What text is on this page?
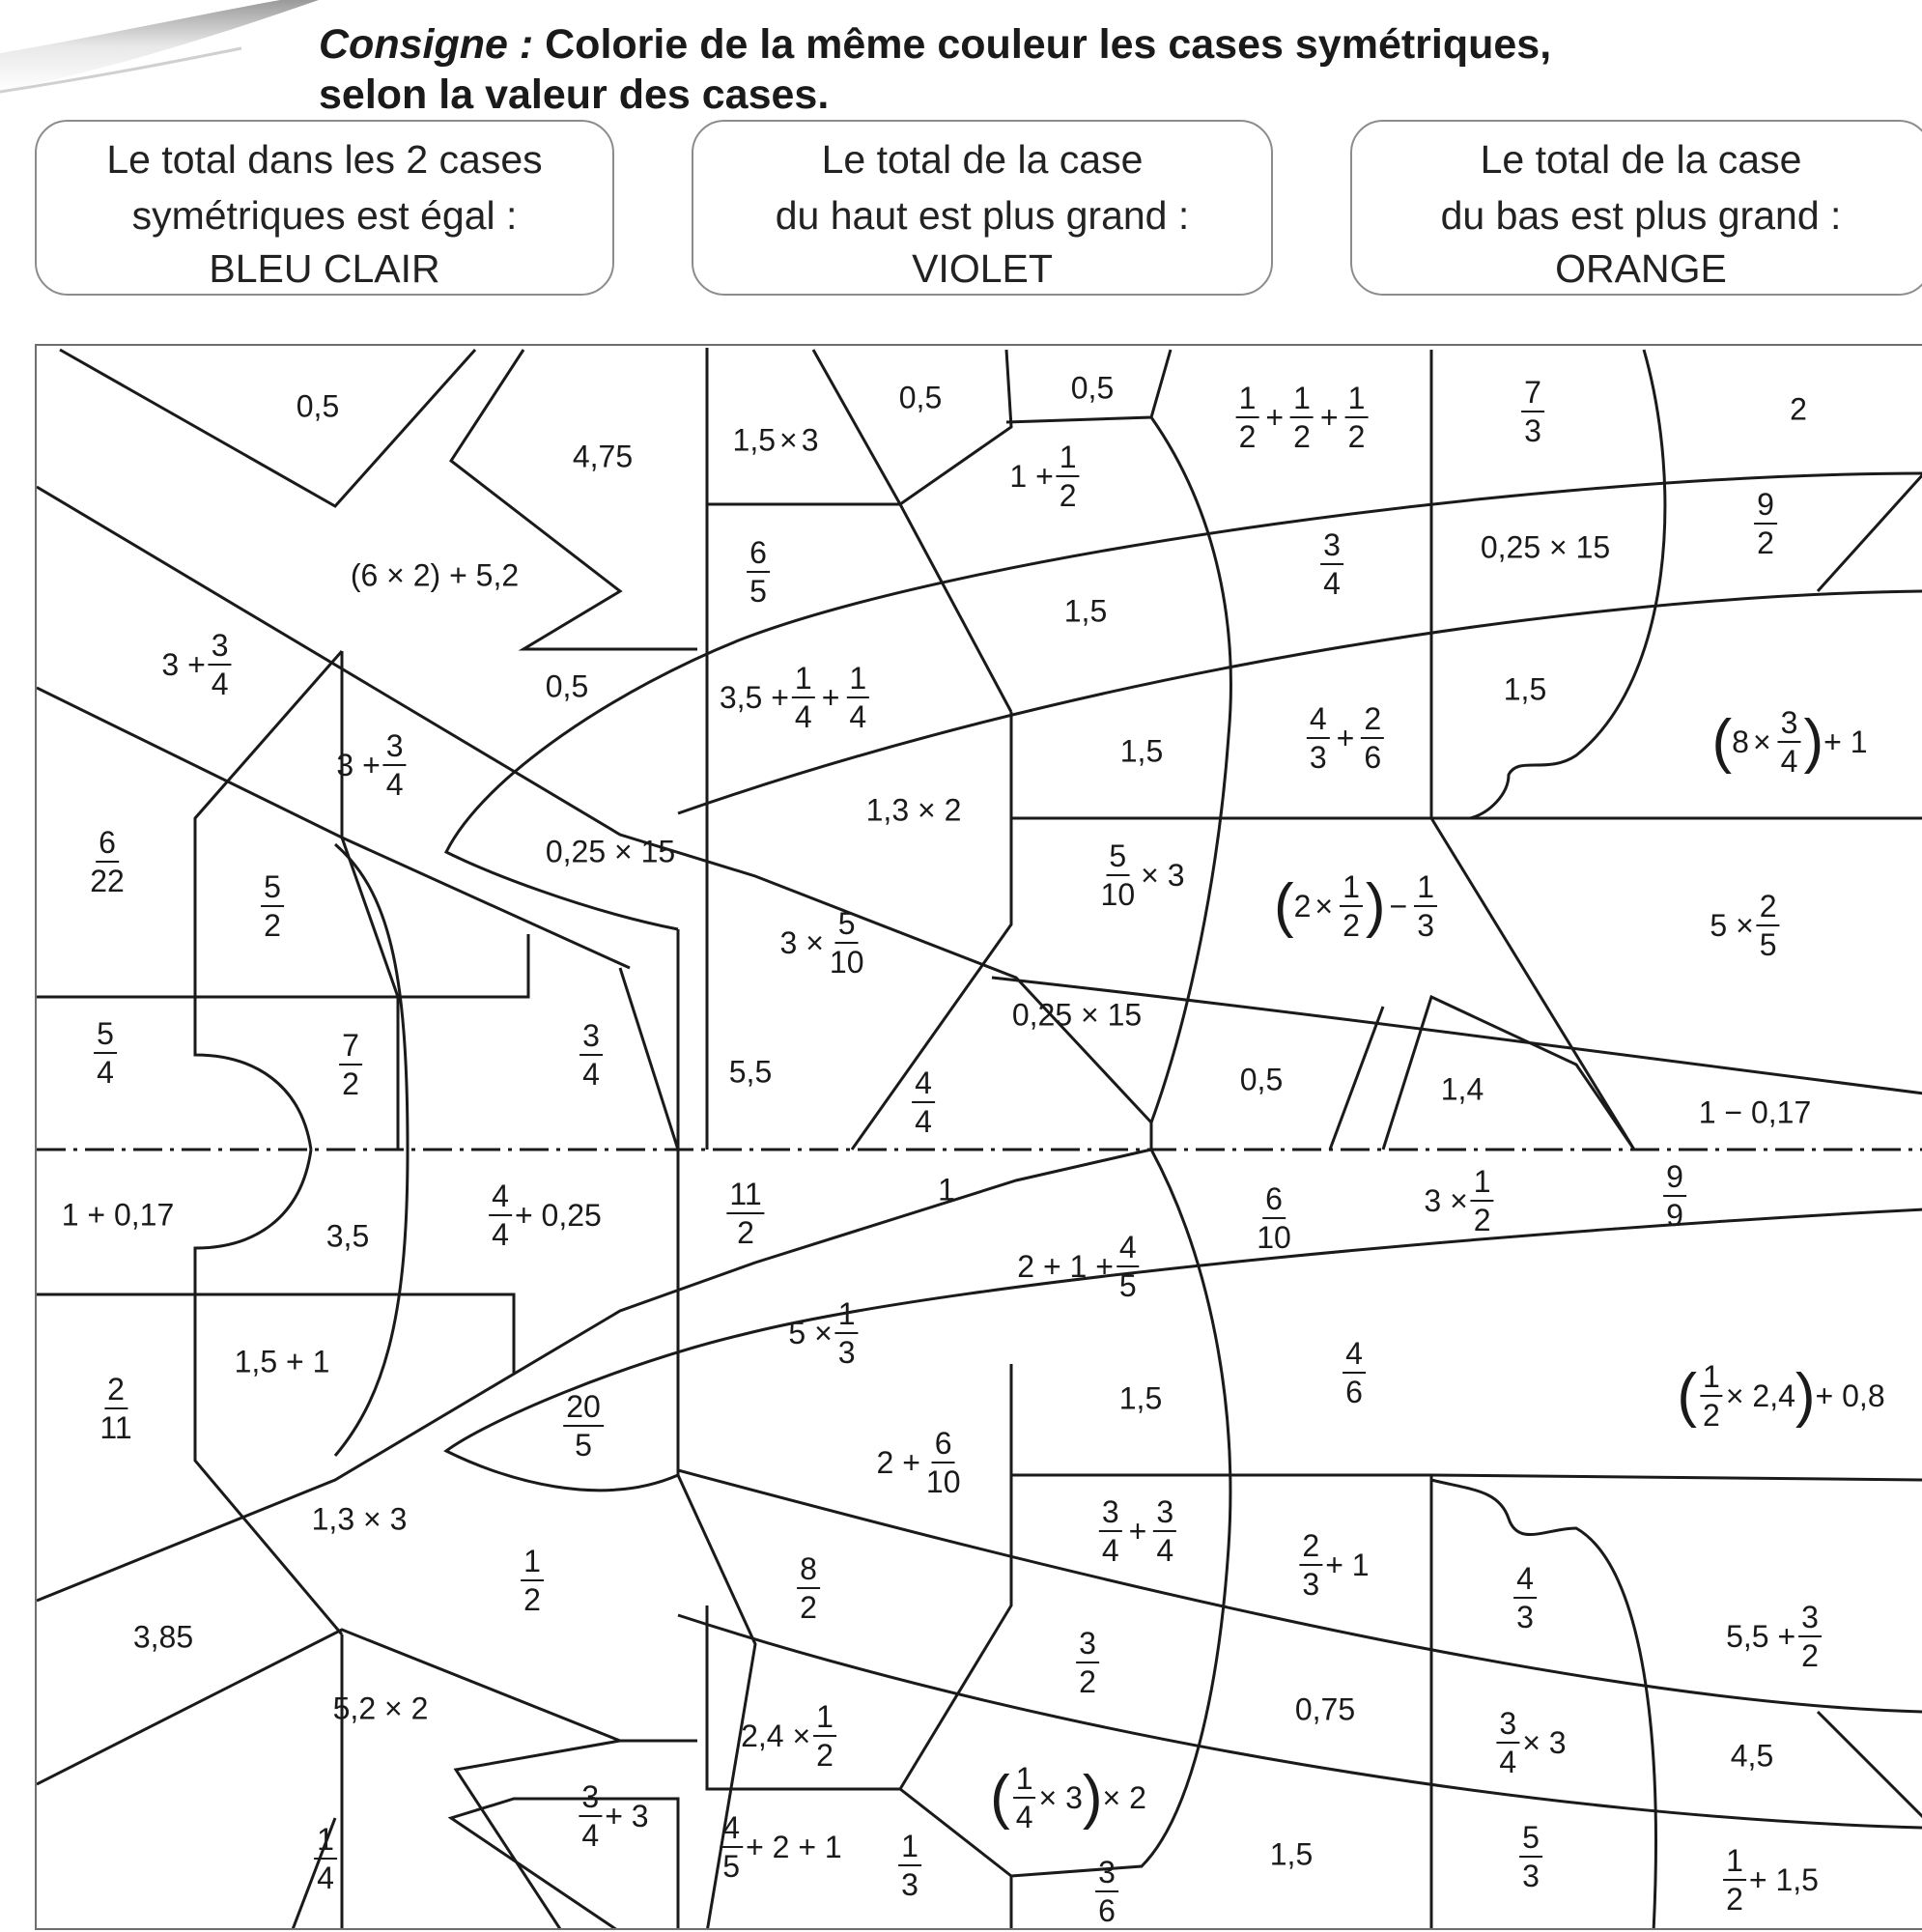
Consigne : Colorie de la même couleur les cases symétriques,
selon la valeur des cases.
Le total dans les 2 cases
symétriques est égal :
BLEU CLAIR
Le total de la case
du haut est plus grand :
VIOLET
Le total de la case
du bas est plus grand :
ORANGE
0,5
4,75	1,5 × 3
0,5	0,5	$\frac{1}{2} + \frac{1}{2} + \frac{1}{2}$	$\frac{7}{3}$	2
(6 × 2) + 5,2	$\frac{6}{5}$
$1 + \frac{1}{2}$
$\frac{3}{4}$	0,25 × 15	$\frac{9}{2}$
$3 + \frac{3}{4}$	0,5	$3,5 + \frac{1}{4} + \frac{1}{4}$
1,5
1,5
$3 + \frac{3}{4}$	1,5	$\frac{4}{3} + \frac{2}{6}$	( $8 \times \frac{3}{4}$ ) + 1
$\frac{6}{22}$
$\frac{5}{2}$
0,25 × 15
1,3 × 2
$\frac{5}{10} \times 3$ ( $2 \times \frac{1}{2}$ ) − $\frac{1}{3}$	$5 \times \frac{2}{5}$
$3 \times \frac{5}{10}$
$\frac{5}{4}$	$\frac{7}{2}$	$\frac{3}{4}$	5,5
0,25 × 15
0,5	1,4
$\frac{4}{4}$	1 − 0,17
1 + 0,17
3,5	$\frac{4}{4} + 0,25$	$\frac{11}{2}$	1	$\frac{6}{10}$	$3 \times \frac{1}{2}$	$\frac{9}{9}$
$2 + 1 + \frac{4}{5}$
$\frac{2}{11}$
1,5 + 1
$5 \times \frac{1}{3}$
$\frac{20}{5}$	1,5	$\frac{4}{6}$	( $\frac{1}{2} \times 2,4$ ) + 0,8
$2 + \frac{6}{10}$
1,3 × 3
$\frac{1}{2}$	$\frac{8}{2}$
$\frac{3}{4} + \frac{3}{4}$	$\frac{2}{3} + 1$	$\frac{4}{3}$
3,85	$\frac{3}{2}$	$5,5 + \frac{3}{2}$
5,2 × 2
$2,4 \times \frac{1}{2}$	0,75	$\frac{3}{4} \times 3$
( $\frac{1}{4} \times 3$ ) × 2
4,5
$\frac{1}{4}$
$\frac{3}{4} + 3 \frac{4}{5} + 2 + 1 \frac{1}{3}$	$\frac{3}{6}$
1,5	$\frac{5}{3}$	$\frac{1}{2} + 1,5$
